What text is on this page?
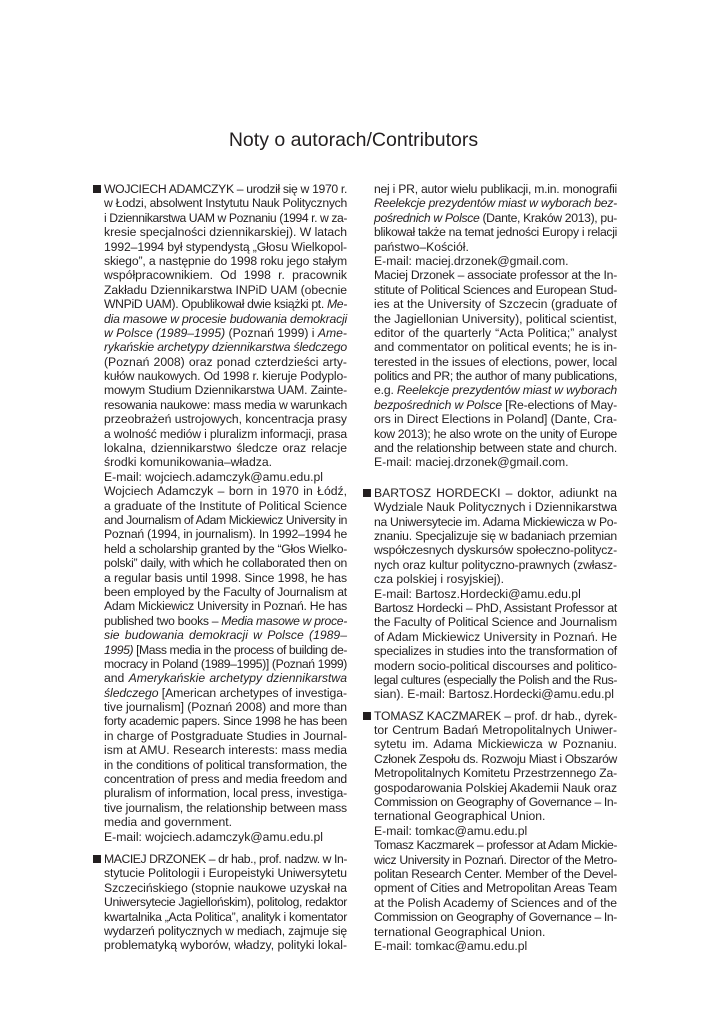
Noty o autorach/Contributors
WOJCIECH ADAMCZYK – urodził się w 1970 r.
w Łodzi, absolwent Instytutu Nauk Politycznych
i Dziennikarstwa UAM w Poznaniu (1994 r. w za-
kresie specjalności dziennikarskiej). W latach
1992–1994 był stypendystą „Głosu Wielkopol-
skiego”, a następnie do 1998 roku jego stałym
współpracownikiem. Od 1998 r. pracownik
Zakładu Dziennikarstwa INPiD UAM (obecnie
WNPiD UAM). Opublikował dwie książki pt. Me-
dia masowe w procesie budowania demokracji
w Polsce (1989–1995) (Poznań 1999) i Ame-
rykańskie archetypy dziennikarstwa śledczego
(Poznań 2008) oraz ponad czterdzieści arty-
kułów naukowych. Od 1998 r. kieruje Podyplo-
mowym Studium Dziennikarstwa UAM. Zainte-
resowania naukowe: mass media w warunkach
przeobrażeń ustrojowych, koncentracja prasy
a wolność mediów i pluralizm informacji, prasa
lokalna, dziennikarstwo śledcze oraz relacje
środki komunikowania–władza.
E-mail: wojciech.adamczyk@amu.edu.pl
Wojciech Adamczyk – born in 1970 in Łódź,
a graduate of the Institute of Political Science
and Journalism of Adam Mickiewicz University in
Poznań (1994, in journalism). In 1992–1994 he
held a scholarship granted by the “Głos Wielko-
polski” daily, with which he collaborated then on
a regular basis until 1998. Since 1998, he has
been employed by the Faculty of Journalism at
Adam Mickiewicz University in Poznań. He has
published two books – Media masowe w proce-
sie budowania demokracji w Polsce (1989–
1995) [Mass media in the process of building de-
mocracy in Poland (1989–1995)] (Poznań 1999)
and Amerykańskie archetypy dziennikarstwa
śledczego [American archetypes of investiga-
tive journalism] (Poznań 2008) and more than
forty academic papers. Since 1998 he has been
in charge of Postgraduate Studies in Journal-
ism at AMU. Research interests: mass media
in the conditions of political transformation, the
concentration of press and media freedom and
pluralism of information, local press, investiga-
tive journalism, the relationship between mass
media and government.
E-mail: wojciech.adamczyk@amu.edu.pl
MACIEJ DRZONEK – dr hab., prof. nadzw. w In-
stytucie Politologii i Europeistyki Uniwersytetu
Szczecińskiego (stopnie naukowe uzyskał na
Uniwersytecie Jagiellońskim), politolog, redaktor
kwartalnika „Acta Politica”, analityk i komentator
wydarzeń politycznych w mediach, zajmuje się
problematyką wyborów, władzy, polityki lokal-
nej i PR, autor wielu publikacji, m.in. monografii
Reelekcje prezydentów miast w wyborach bez-
pośrednich w Polsce (Dante, Kraków 2013), pu-
blikował także na temat jedności Europy i relacji
państwo–Kościół.
E-mail: maciej.drzonek@gmail.com.
Maciej Drzonek – associate professor at the In-
stitute of Political Sciences and European Stud-
ies at the University of Szczecin (graduate of
the Jagiellonian University), political scientist,
editor of the quarterly “Acta Politica;” analyst
and commentator on political events; he is in-
terested in the issues of elections, power, local
politics and PR; the author of many publications,
e.g. Reelekcje prezydentów miast w wyborach
bezpośrednich w Polsce [Re-elections of May-
ors in Direct Elections in Poland] (Dante, Cra-
kow 2013); he also wrote on the unity of Europe
and the relationship between state and church.
E-mail: maciej.drzonek@gmail.com.
BARTOSZ HORDECKI – doktor, adiunkt na
Wydziale Nauk Politycznych i Dziennikarstwa
na Uniwersytecie im. Adama Mickiewicza w Po-
znaniu. Specjalizuje się w badaniach przemian
współczesnych dyskursów społeczno-politycz-
nych oraz kultur polityczno-prawnych (zwłasz-
cza polskiej i rosyjskiej).
E-mail: Bartosz.Hordecki@amu.edu.pl
Bartosz Hordecki – PhD, Assistant Professor at
the Faculty of Political Science and Journalism
of Adam Mickiewicz University in Poznań. He
specializes in studies into the transformation of
modern socio-political discourses and politico-
legal cultures (especially the Polish and the Rus-
sian). E-mail: Bartosz.Hordecki@amu.edu.pl
TOMASZ KACZMAREK – prof. dr hab., dyrek-
tor Centrum Badań Metropolitalnych Uniwer-
sytetu im. Adama Mickiewicza w Poznaniu.
Członek Zespołu ds. Rozwoju Miast i Obszarów
Metropolitalnych Komitetu Przestrzennego Za-
gospodarowania Polskiej Akademii Nauk oraz
Commission on Geography of Governance – In-
ternational Geographical Union.
E-mail: tomkac@amu.edu.pl
Tomasz Kaczmarek – professor at Adam Mickie-
wicz University in Poznań. Director of the Metro-
politan Research Center. Member of the Devel-
opment of Cities and Metropolitan Areas Team
at the Polish Academy of Sciences and of the
Commission on Geography of Governance – In-
ternational Geographical Union.
E-mail: tomkac@amu.edu.pl
